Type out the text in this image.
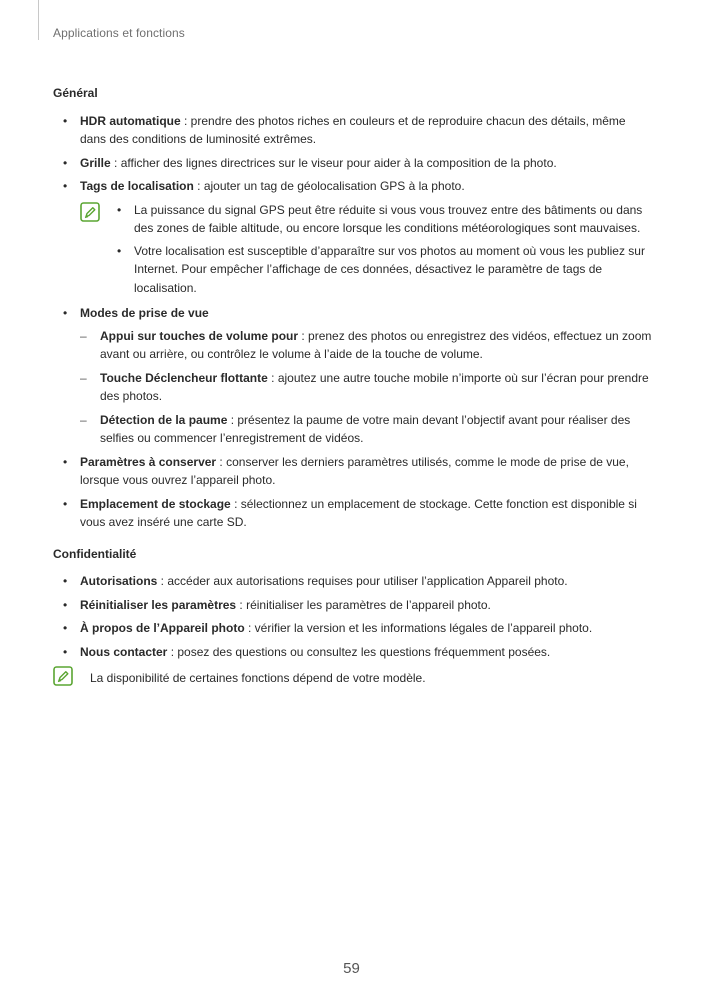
Applications et fonctions
Général
• HDR automatique : prendre des photos riches en couleurs et de reproduire chacun des détails, même dans des conditions de luminosité extrêmes.
• Grille : afficher des lignes directrices sur le viseur pour aider à la composition de la photo.
• Tags de localisation : ajouter un tag de géolocalisation GPS à la photo.
• La puissance du signal GPS peut être réduite si vous vous trouvez entre des bâtiments ou dans des zones de faible altitude, ou encore lorsque les conditions météorologiques sont mauvaises.
• Votre localisation est susceptible d’apparaître sur vos photos au moment où vous les publiez sur Internet. Pour empêcher l’affichage de ces données, désactivez le paramètre de tags de localisation.
• Modes de prise de vue
– Appui sur touches de volume pour : prenez des photos ou enregistrez des vidéos, effectuez un zoom avant ou arrière, ou contrôlez le volume à l’aide de la touche de volume.
– Touche Déclencheur flottante : ajoutez une autre touche mobile n’importe où sur l’écran pour prendre des photos.
– Détection de la paume : présentez la paume de votre main devant l’objectif avant pour réaliser des selfies ou commencer l’enregistrement de vidéos.
• Paramètres à conserver : conserver les derniers paramètres utilisés, comme le mode de prise de vue, lorsque vous ouvrez l’appareil photo.
• Emplacement de stockage : sélectionnez un emplacement de stockage. Cette fonction est disponible si vous avez inséré une carte SD.
Confidentialité
• Autorisations : accéder aux autorisations requises pour utiliser l’application Appareil photo.
• Réinitialiser les paramètres : réinitialiser les paramètres de l’appareil photo.
• À propos de l’Appareil photo : vérifier la version et les informations légales de l’appareil photo.
• Nous contacter : posez des questions ou consultez les questions fréquemment posées.
La disponibilité de certaines fonctions dépend de votre modèle.
59
